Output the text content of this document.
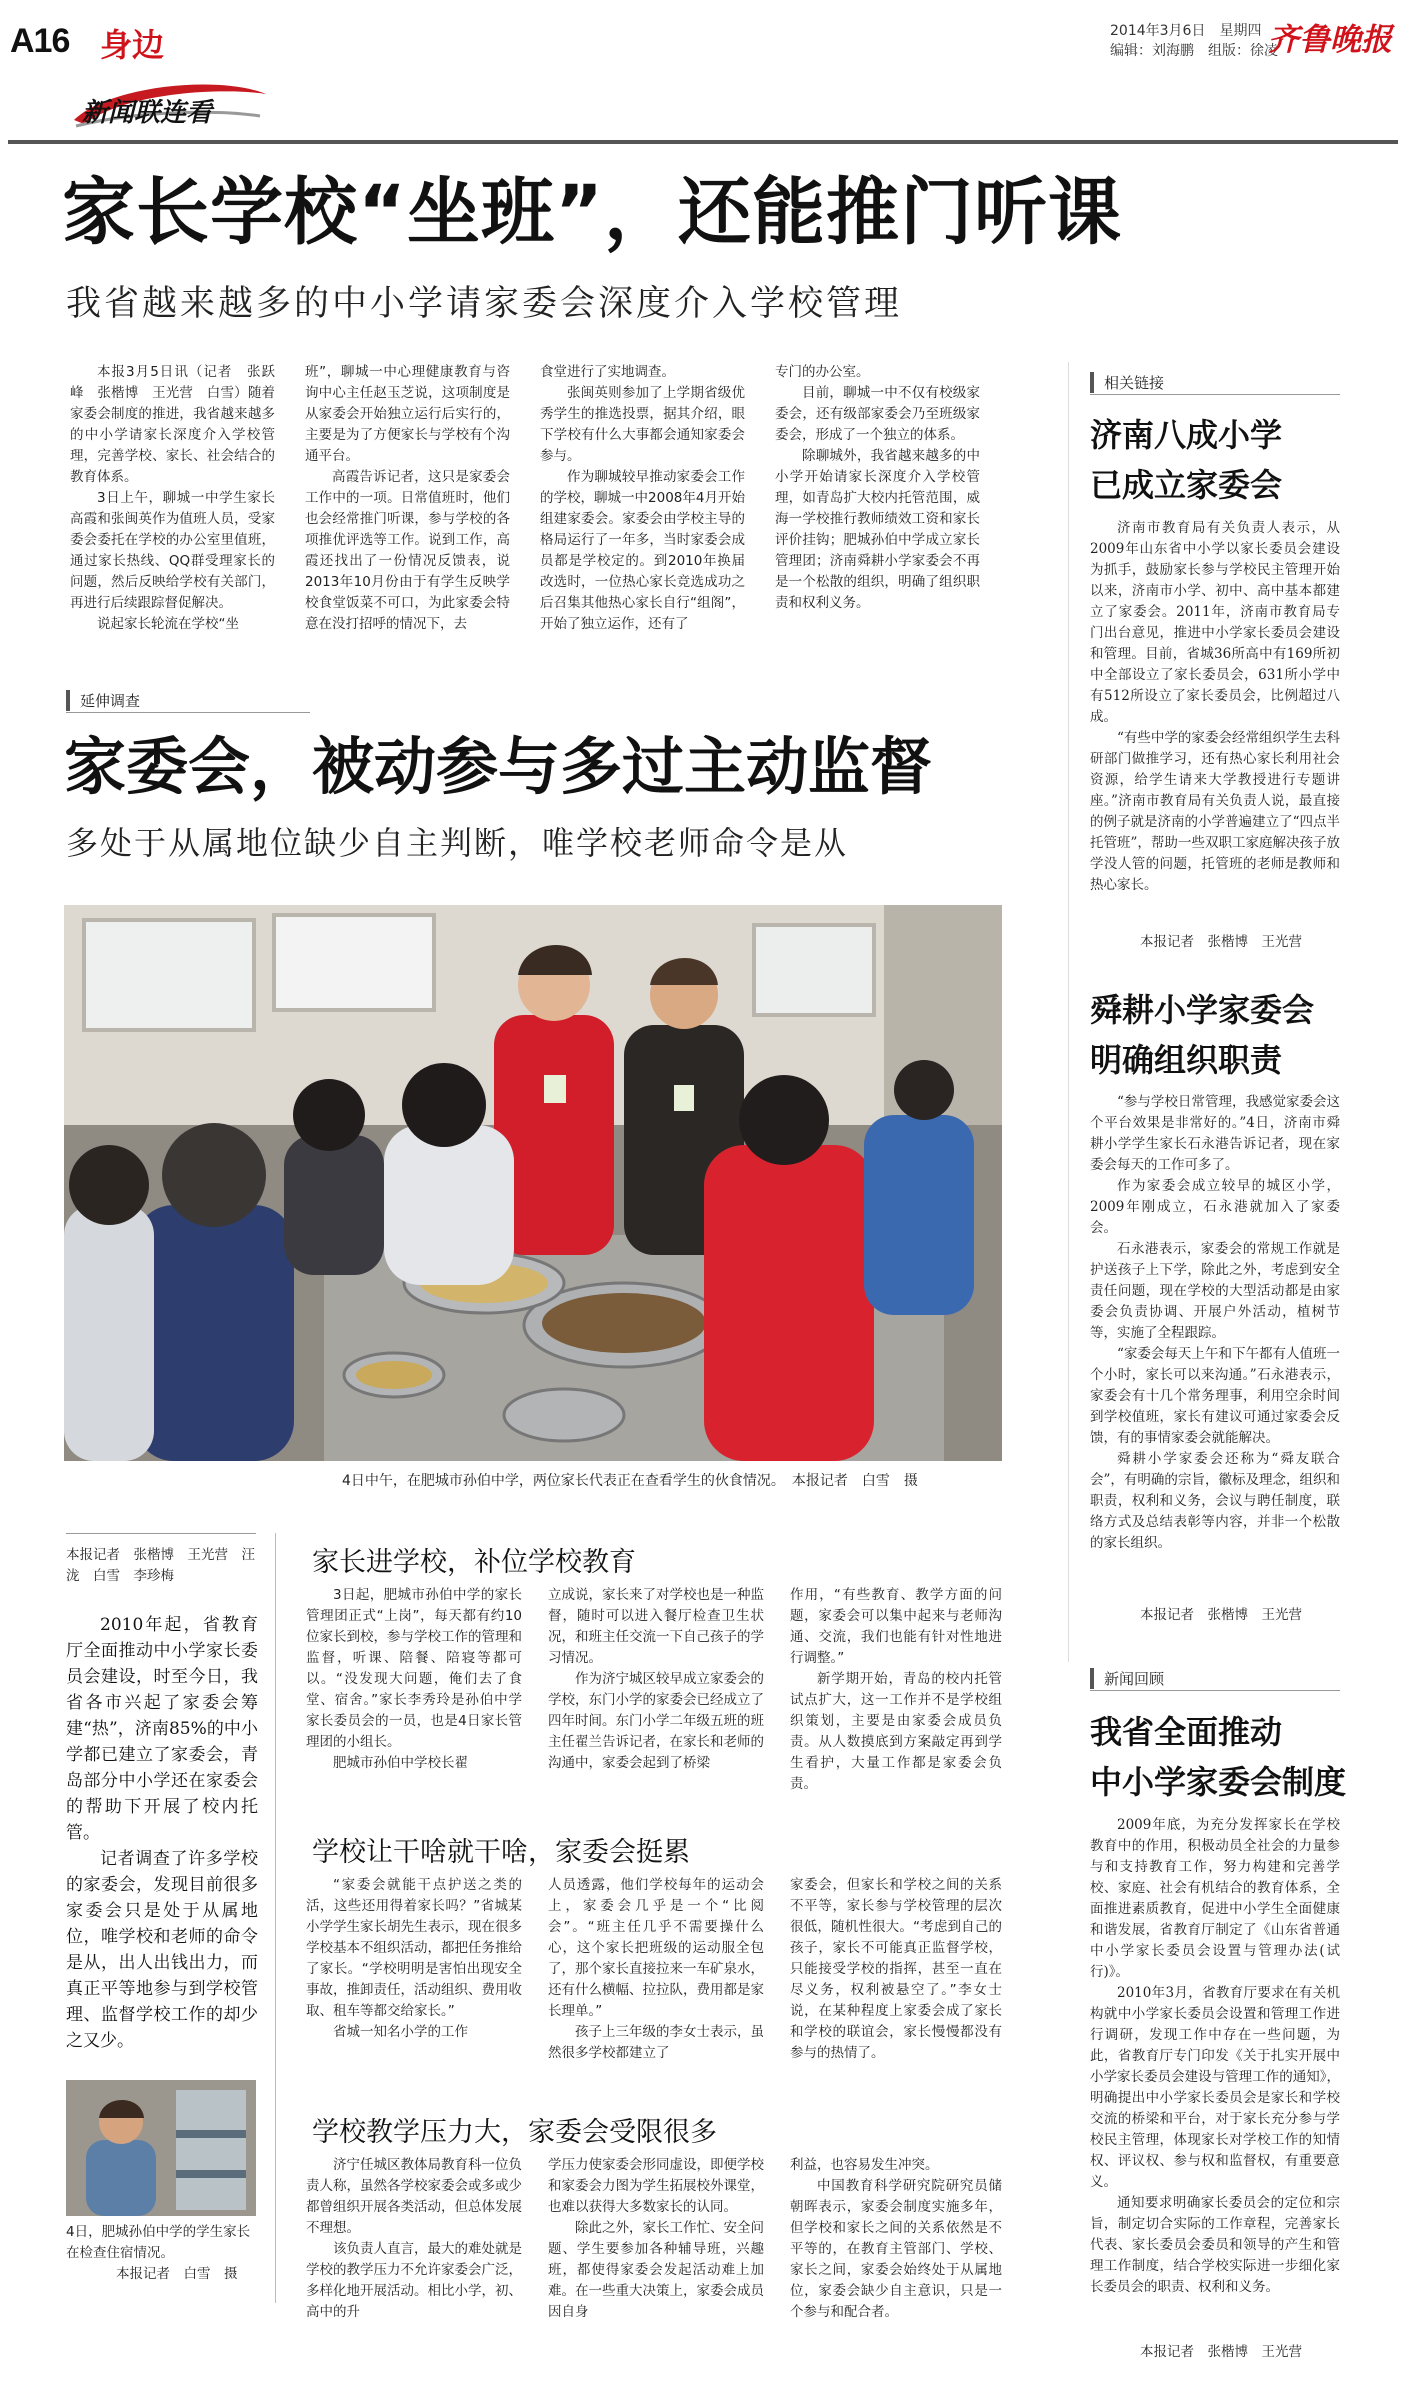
A16 身边
新闻联连看
2014年3月6日　星期四
编辑：刘海鹏　组版：徐凌
齐鲁晚报
家长学校“坐班”，还能推门听课
我省越来越多的中小学请家委会深度介入学校管理

本报3月5日讯（记者　张跃峰　张楷博　王光营　白雪）随着家委会制度的推进，我省越来越多的中小学请家长深度介入学校管理，完善学校、家长、社会结合的教育体系。

3日上午，聊城一中学生家长高霞和张闽英作为值班人员，受家委会委托在学校的办公室里值班，通过家长热线、QQ群受理家长的问题，然后反映给学校有关部门，再进行后续跟踪督促解决。

说起家长轮流在学校“坐

班”，聊城一中心理健康教育与咨询中心主任赵玉芝说，这项制度是从家委会开始独立运行后实行的，主要是为了方便家长与学校有个沟通平台。

高霞告诉记者，这只是家委会工作中的一项。日常值班时，他们也会经常推门听课，参与学校的各项推优评选等工作。说到工作，高霞还找出了一份情况反馈表，说2013年10月份由于有学生反映学校食堂饭菜不可口，为此家委会特意在没打招呼的情况下，去

食堂进行了实地调查。

张闽英则参加了上学期省级优秀学生的推选投票，据其介绍，眼下学校有什么大事都会通知家委会参与。

作为聊城较早推动家委会工作的学校，聊城一中2008年4月开始组建家委会。家委会由学校主导的格局运行了一年多，当时家委会成员都是学校定的。到2010年换届改选时，一位热心家长竞选成功之后召集其他热心家长自行“组阁”，开始了独立运作，还有了

专门的办公室。

目前，聊城一中不仅有校级家委会，还有级部家委会乃至班级家委会，形成了一个独立的体系。

除聊城外，我省越来越多的中小学开始请家长深度介入学校管理，如青岛扩大校内托管范围，威海一学校推行教师绩效工资和家长评价挂钩；肥城孙伯中学成立家长管理团；济南舜耕小学家委会不再是一个松散的组织，明确了组织职责和权利义务。

延伸调查
家委会，被动参与多过主动监督
多处于从属地位缺少自主判断，唯学校老师命令是从
4日中午，在肥城市孙伯中学，两位家长代表正在查看学生的伙食情况。　本报记者　白雪　摄
本报记者　张楷博　王光营　汪泷　白雪　李珍梅

2010年起，省教育厅全面推动中小学家长委员会建设，时至今日，我省各市兴起了家委会筹建“热”，济南85%的中小学都已建立了家委会，青岛部分中小学还在家委会的帮助下开展了校内托管。

记者调查了许多学校的家委会，发现目前很多家委会只是处于从属地位，唯学校和老师的命令是从，出人出钱出力，而真正平等地参与到学校管理、监督学校工作的却少之又少。

4日，肥城孙伯中学的学生家长在检查住宿情况。
本报记者　白雪　摄
家长进学校，补位学校教育

3日起，肥城市孙伯中学的家长管理团正式“上岗”，每天都有约10位家长到校，参与学校工作的管理和监督，听课、陪餐、陪寝等都可以。“没发现大问题，俺们去了食堂、宿舍。”家长李秀玲是孙伯中学家长委员会的一员，也是4日家长管理团的小组长。

肥城市孙伯中学校长翟

立成说，家长来了对学校也是一种监督，随时可以进入餐厅检查卫生状况，和班主任交流一下自己孩子的学习情况。

作为济宁城区较早成立家委会的学校，东门小学的家委会已经成立了四年时间。东门小学二年级五班的班主任翟兰告诉记者，在家长和老师的沟通中，家委会起到了桥梁

作用，“有些教育、教学方面的问题，家委会可以集中起来与老师沟通、交流，我们也能有针对性地进行调整。”

新学期开始，青岛的校内托管试点扩大，这一工作并不是学校组织策划，主要是由家委会成员负责。从人数摸底到方案敲定再到学生看护，大量工作都是家委会负责。

学校让干啥就干啥，家委会挺累

“家委会就能干点护送之类的活，这些还用得着家长吗？”省城某小学学生家长胡先生表示，现在很多学校基本不组织活动，都把任务推给了家长。“学校明明是害怕出现安全事故，推卸责任，活动组织、费用收取、租车等都交给家长。”

省城一知名小学的工作

人员透露，他们学校每年的运动会上，家委会几乎是一个“比阅会”。“班主任几乎不需要操什么心，这个家长把班级的运动服全包了，那个家长直接拉来一车矿泉水，还有什么横幅、拉拉队，费用都是家长理单。”

孩子上三年级的李女士表示，虽然很多学校都建立了

家委会，但家长和学校之间的关系不平等，家长参与学校管理的层次很低，随机性很大。“考虑到自己的孩子，家长不可能真正监督学校，只能接受学校的指挥，甚至一直在尽义务，权利被悬空了。”李女士说，在某种程度上家委会成了家长和学校的联谊会，家长慢慢都没有参与的热情了。

学校教学压力大，家委会受限很多

济宁任城区教体局教育科一位负责人称，虽然各学校家委会或多或少都曾组织开展各类活动，但总体发展不理想。

该负责人直言，最大的难处就是学校的教学压力不允许家委会广泛，多样化地开展活动。相比小学，初、高中的升

学压力使家委会形同虚设，即便学校和家委会力图为学生拓展校外课堂，也难以获得大多数家长的认同。

除此之外，家长工作忙、安全问题、学生要参加各种辅导班，兴趣班，都使得家委会发起活动难上加难。在一些重大决策上，家委会成员因自身

利益，也容易发生冲突。

中国教育科学研究院研究员储朝晖表示，家委会制度实施多年，但学校和家长之间的关系依然是不平等的，在教育主管部门、学校、家长之间，家委会始终处于从属地位，家委会缺少自主意识，只是一个参与和配合者。

相关链接
济南八成小学
已成立家委会

济南市教育局有关负责人表示，从2009年山东省中小学以家长委员会建设为抓手，鼓励家长参与学校民主管理开始以来，济南市小学、初中、高中基本都建立了家委会。2011年，济南市教育局专门出台意见，推进中小学家长委员会建设和管理。目前，省城36所高中有169所初中全部设立了家长委员会，631所小学中有512所设立了家长委员会，比例超过八成。

“有些中学的家委会经常组织学生去科研部门做推学习，还有热心家长利用社会资源，给学生请来大学教授进行专题讲座。”济南市教育局有关负责人说，最直接的例子就是济南的小学普遍建立了“四点半托管班”，帮助一些双职工家庭解决孩子放学没人管的问题，托管班的老师是教师和热心家长。

本报记者　张楷博　王光营
舜耕小学家委会
明确组织职责

“参与学校日常管理，我感觉家委会这个平台效果是非常好的。”4日，济南市舜耕小学学生家长石永港告诉记者，现在家委会每天的工作可多了。

作为家委会成立较早的城区小学，2009年刚成立，石永港就加入了家委会。

石永港表示，家委会的常规工作就是护送孩子上下学，除此之外，考虑到安全责任问题，现在学校的大型活动都是由家委会负责协调、开展户外活动，植树节等，实施了全程跟踪。

“家委会每天上午和下午都有人值班一个小时，家长可以来沟通。”石永港表示，家委会有十几个常务理事，利用空余时间到学校值班，家长有建议可通过家委会反馈，有的事情家委会就能解决。

舜耕小学家委会还称为“舜友联合会”，有明确的宗旨，徽标及理念，组织和职责，权利和义务，会议与聘任制度，联络方式及总结表彰等内容，并非一个松散的家长组织。

本报记者　张楷博　王光营
新闻回顾
我省全面推动
中小学家委会制度

2009年底，为充分发挥家长在学校教育中的作用，积极动员全社会的力量参与和支持教育工作，努力构建和完善学校、家庭、社会有机结合的教育体系，全面推进素质教育，促进中小学生全面健康和谐发展，省教育厅制定了《山东省普通中小学家长委员会设置与管理办法(试行)》。

2010年3月，省教育厅要求在有关机构就中小学家长委员会设置和管理工作进行调研，发现工作中存在一些问题，为此，省教育厅专门印发《关于扎实开展中小学家长委员会建设与管理工作的通知》，明确提出中小学家长委员会是家长和学校交流的桥梁和平台，对于家长充分参与学校民主管理，体现家长对学校工作的知情权、评议权、参与权和监督权，有重要意义。

通知要求明确家长委员会的定位和宗旨，制定切合实际的工作章程，完善家长代表、家长委员会委员和领导的产生和管理工作制度，结合学校实际进一步细化家长委员会的职责、权利和义务。

本报记者　张楷博　王光营
